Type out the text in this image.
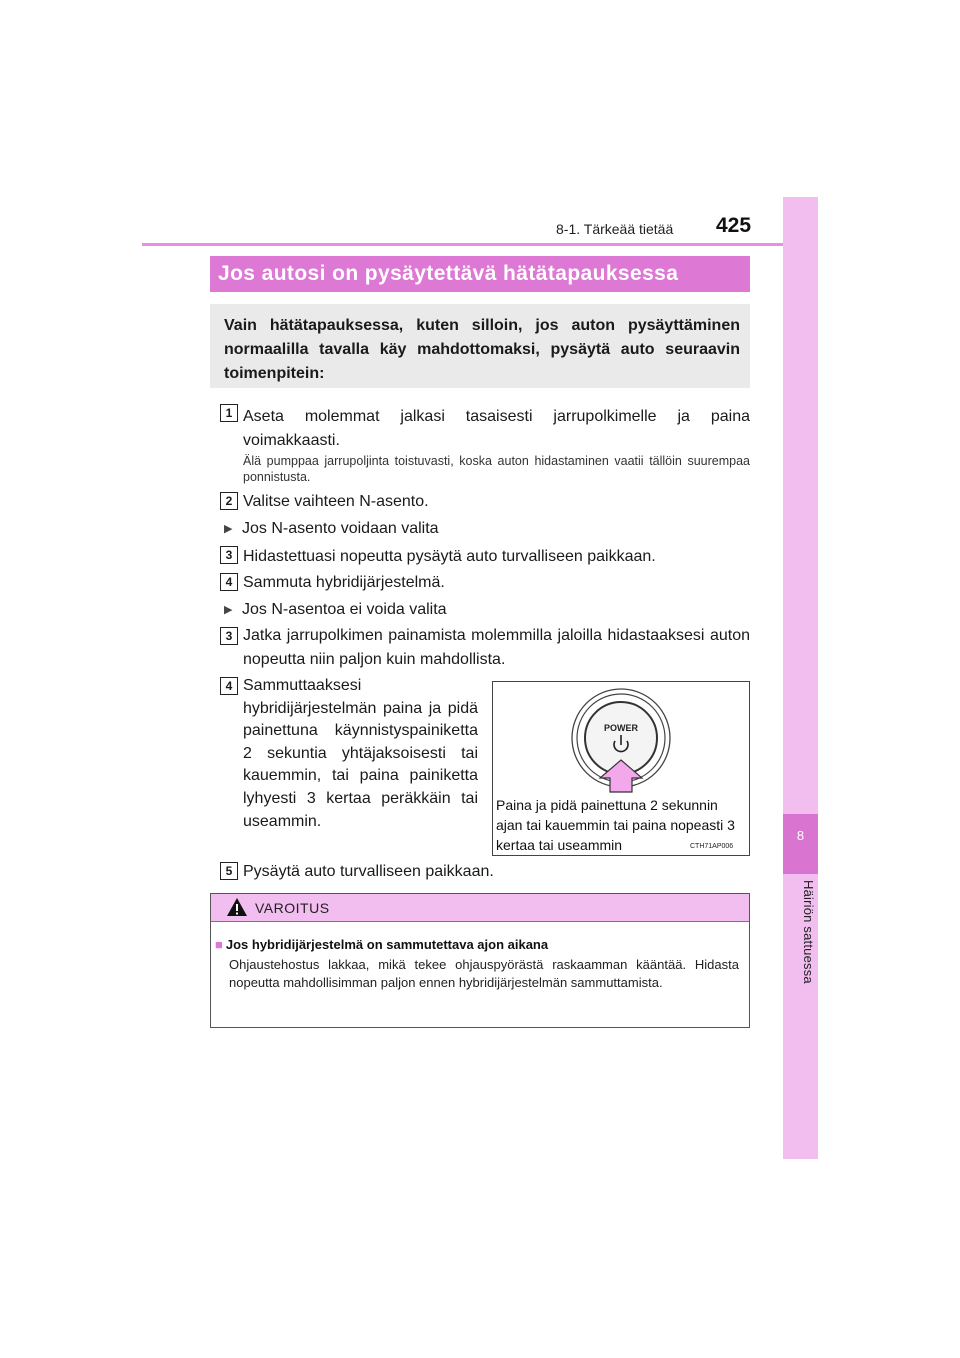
8-1. Tärkeää tietää 425
8
Häiriön sattuessa
Jos autosi on pysäytettävä hätätapauksessa
Vain hätätapauksessa, kuten silloin, jos auton pysäyttäminen normaalilla tavalla käy mahdottomaksi, pysäytä auto seuraavin toimenpitein:
1 Aseta molemmat jalkasi tasaisesti jarrupolkimelle ja paina voimakkaasti.
Älä pumppaa jarrupoljinta toistuvasti, koska auton hidastaminen vaatii tällöin suurempaa ponnistusta.
2 Valitse vaihteen N-asento.
▶ Jos N-asento voidaan valita
3 Hidastettuasi nopeutta pysäytä auto turvalliseen paikkaan.
4 Sammuta hybridijärjestelmä.
▶ Jos N-asentoa ei voida valita
3 Jatka jarrupolkimen painamista molemmilla jaloilla hidastaaksesi auton nopeutta niin paljon kuin mahdollista.
4 Sammuttaaksesi hybridijärjestelmän paina ja pidä painettuna käynnistyspainiketta 2 sekuntia yhtäjaksoisesti tai kauemmin, tai paina painiketta lyhyesti 3 kertaa peräkkäin tai useammin.
POWER
Paina ja pidä painettuna 2 sekunnin ajan tai kauemmin tai paina nopeasti 3 kertaa tai useammin	CTH71AP006
5 Pysäytä auto turvalliseen paikkaan.
VAROITUS
■ Jos hybridijärjestelmä on sammutettava ajon aikana
Ohjaustehostus lakkaa, mikä tekee ohjauspyörästä raskaamman kääntää. Hidasta nopeutta mahdollisimman paljon ennen hybridijärjestelmän sammuttamista.
